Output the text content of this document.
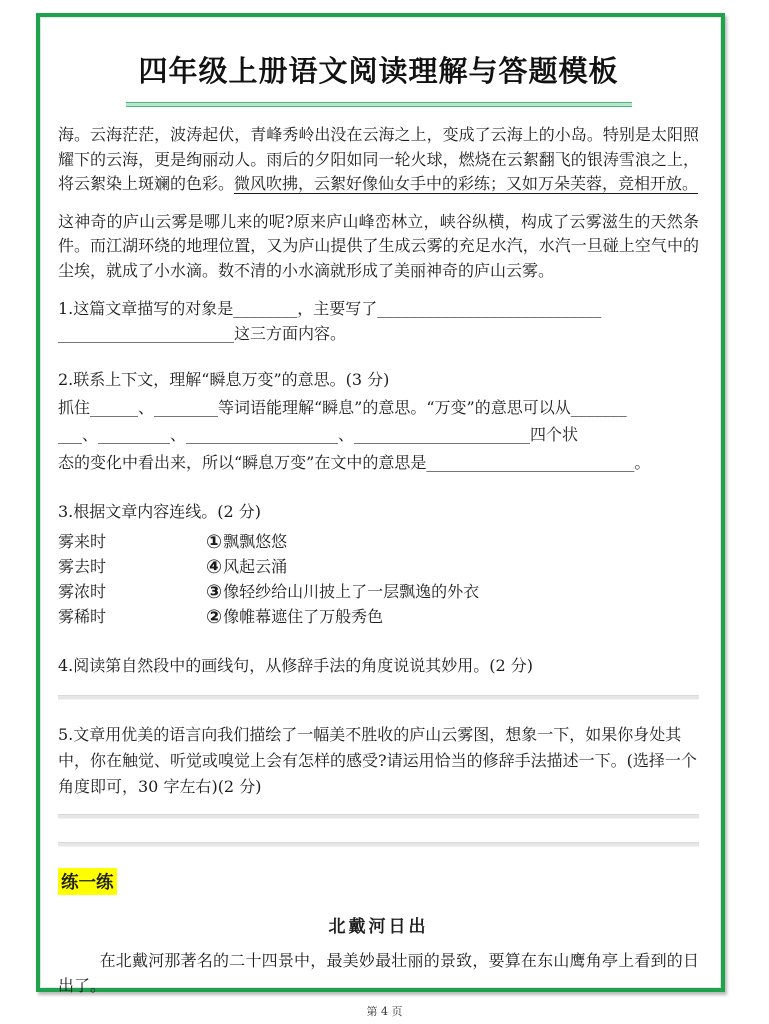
四年级上册语文阅读理解与答题模板

海。云海茫茫，波涛起伏，青峰秀岭出没在云海之上，变成了云海上的小岛。特别是太阳照耀下的云海，更是绚丽动人。雨后的夕阳如同一轮火球，燃烧在云絮翻飞的银涛雪浪之上，将云絮染上斑斓的色彩。微风吹拂，云絮好像仙女手中的彩练；又如万朵芙蓉，竞相开放。

这神奇的庐山云雾是哪儿来的呢?原来庐山峰峦林立，峡谷纵横，构成了云雾滋生的天然条件。而江湖环绕的地理位置，又为庐山提供了生成云雾的充足水汽，水汽一旦碰上空气中的尘埃，就成了小水滴。数不清的小水滴就形成了美丽神奇的庐山云雾。

1.这篇文章描写的对象是________，主要写了____________________________
______________________这三方面内容。
2.联系上下文，理解“瞬息万变”的意思。(3 分)
抓住______、________等词语能理解“瞬息”的意思。“万变”的意思可以从_______
___、_________、___________________、______________________四个状
态的变化中看出来，所以“瞬息万变”在文中的意思是__________________________。
3.根据文章内容连线。(2 分)
雾来时	① 飘飘悠悠
雾去时	④ 风起云涌
雾浓时	③ 像轻纱给山川披上了一层飘逸的外衣
雾稀时	② 像帷幕遮住了万般秀色
4.阅读第自然段中的画线句，从修辞手法的角度说说其妙用。(2 分)
5.文章用优美的语言向我们描绘了一幅美不胜收的庐山云雾图，想象一下，如果你身处其中，你在触觉、听觉或嗅觉上会有怎样的感受?请运用恰当的修辞手法描述一下。(选择一个角度即可，30 字左右)(2 分)
练一练
北戴河日出

在北戴河那著名的二十四景中，最美妙最壮丽的景致，要算在东山鹰角亭上看到的日出了。

第 4 页
